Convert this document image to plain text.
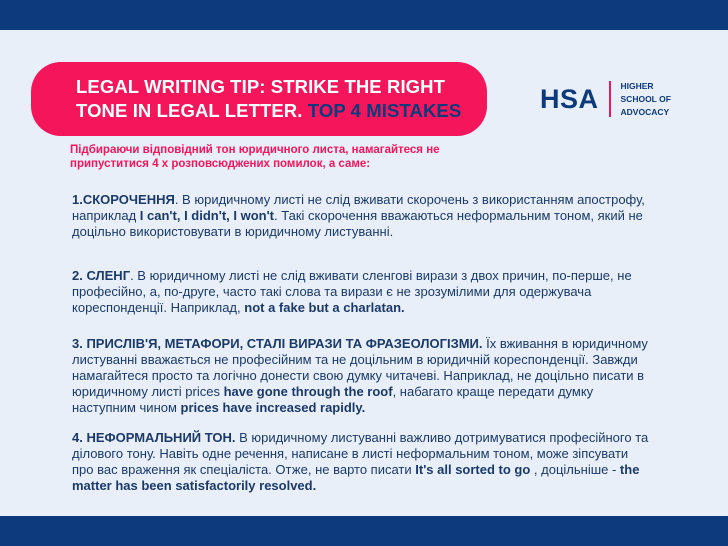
LEGAL WRITING TIP: STRIKE THE RIGHT TONE IN LEGAL LETTER. TOP 4 MISTAKES	HSA	HIGHER
SCHOOL OF
ADVOCACY
Підбираючи відповідний тон юридичного листа, намагайтеся не припуститися 4 х розповсюджених помилок, а саме:
1.СКОРОЧЕННЯ. В юридичному листі не слід вживати скорочень з використанням апострофу, наприклад I can't, I didn't, I won't. Такі скорочення вважаються неформальним тоном, який не доцільно використовувати в юридичному листуванні.
2. СЛЕНГ. В юридичному листі не слід вживати сленгові вирази з двох причин, по-перше, не професійно, а, по-друге, часто такі слова та вирази є не зрозумілими для одержувача кореспонденції. Наприклад, not a fake but a charlatan.
3. ПРИСЛІВ'Я, МЕТАФОРИ, СТАЛІ ВИРАЗИ ТА ФРАЗЕОЛОГІЗМИ. Їх вживання в юридичному листуванні вважається не професійним та не доцільним в юридичній кореспонденції. Завжди намагайтеся просто та логічно донести свою думку читачеві. Наприклад, не доцільно писати в юридичному листі prices have gone through the roof, набагато краще передати думку наступним чином prices have increased rapidly.
4. НЕФОРМАЛЬНИЙ ТОН. В юридичному листуванні важливо дотримуватися професійного та ділового тону. Навіть одне речення, написане в листі неформальним тоном, може зіпсувати про вас враження як спеціаліста. Отже, не варто писати It's all sorted to go , доцільніше - the matter has been satisfactorily resolved.
